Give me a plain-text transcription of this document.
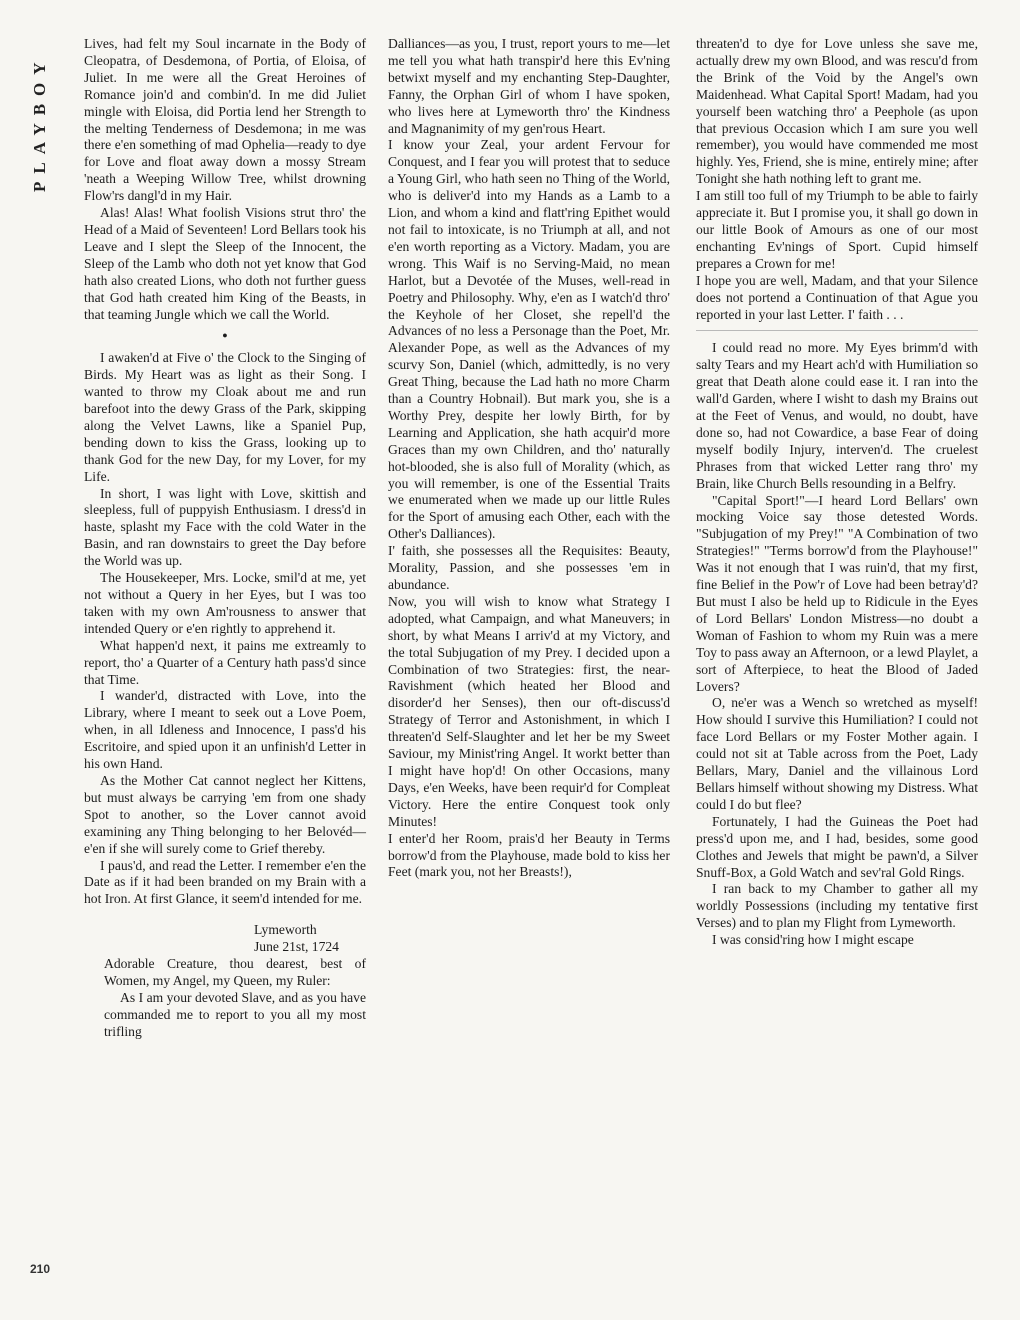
PLAYBOY
210

Lives, had felt my Soul incarnate in the Body of Cleopatra, of Desdemona, of Portia, of Eloisa, of Juliet. In me were all the Great Heroines of Romance join'd and combin'd. In me did Juliet mingle with Eloisa, did Portia lend her Strength to the melting Tenderness of Desdemona; in me was there e'en something of mad Ophelia—ready to dye for Love and float away down a mossy Stream 'neath a Weeping Willow Tree, whilst drowning Flow'rs dangl'd in my Hair.

Alas! Alas! What foolish Visions strut thro' the Head of a Maid of Seventeen! Lord Bellars took his Leave and I slept the Sleep of the Innocent, the Sleep of the Lamb who doth not yet know that God hath also created Lions, who doth not further guess that God hath created him King of the Beasts, in that teaming Jungle which we call the World.

●

I awaken'd at Five o' the Clock to the Singing of Birds. My Heart was as light as their Song. I wanted to throw my Cloak about me and run barefoot into the dewy Grass of the Park, skipping along the Velvet Lawns, like a Spaniel Pup, bending down to kiss the Grass, looking up to thank God for the new Day, for my Lover, for my Life.

In short, I was light with Love, skittish and sleepless, full of puppyish Enthusiasm. I dress'd in haste, splasht my Face with the cold Water in the Basin, and ran downstairs to greet the Day before the World was up.

The Housekeeper, Mrs. Locke, smil'd at me, yet not without a Query in her Eyes, but I was too taken with my own Am'rousness to answer that intended Query or e'en rightly to apprehend it.

What happen'd next, it pains me extreamly to report, tho' a Quarter of a Century hath pass'd since that Time.

I wander'd, distracted with Love, into the Library, where I meant to seek out a Love Poem, when, in all Idleness and Innocence, I pass'd his Escritoire, and spied upon it an unfinish'd Letter in his own Hand.

As the Mother Cat cannot neglect her Kittens, but must always be carrying 'em from one shady Spot to another, so the Lover cannot avoid examining any Thing belonging to her Belovéd—e'en if she will surely come to Grief thereby.

I paus'd, and read the Letter. I remember e'en the Date as if it had been branded on my Brain with a hot Iron. At first Glance, it seem'd intended for me.

Lymeworth

June 21st, 1724

Adorable Creature, thou dearest, best of Women, my Angel, my Queen, my Ruler:

As I am your devoted Slave, and as you have commanded me to report to you all my most trifling

Dalliances—as you, I trust, report yours to me—let me tell you what hath transpir'd here this Ev'ning betwixt myself and my enchanting Step-Daughter, Fanny, the Orphan Girl of whom I have spoken, who lives here at Lymeworth thro' the Kindness and Magnanimity of my gen'rous Heart.

I know your Zeal, your ardent Fervour for Conquest, and I fear you will protest that to seduce a Young Girl, who hath seen no Thing of the World, who is deliver'd into my Hands as a Lamb to a Lion, and whom a kind and flatt'ring Epithet would not fail to intoxicate, is no Triumph at all, and not e'en worth reporting as a Victory. Madam, you are wrong. This Waif is no Serving-Maid, no mean Harlot, but a Devotée of the Muses, well-read in Poetry and Philosophy. Why, e'en as I watch'd thro' the Keyhole of her Closet, she repell'd the Advances of no less a Personage than the Poet, Mr. Alexander Pope, as well as the Advances of my scurvy Son, Daniel (which, admittedly, is no very Great Thing, because the Lad hath no more Charm than a Country Hobnail). But mark you, she is a Worthy Prey, despite her lowly Birth, for by Learning and Application, she hath acquir'd more Graces than my own Children, and tho' naturally hot-blooded, she is also full of Morality (which, as you will remember, is one of the Essential Traits we enumerated when we made up our little Rules for the Sport of amusing each Other, each with the Other's Dalliances).

I' faith, she possesses all the Requisites: Beauty, Morality, Passion, and she possesses 'em in abundance.

Now, you will wish to know what Strategy I adopted, what Campaign, and what Maneuvers; in short, by what Means I arriv'd at my Victory, and the total Subjugation of my Prey. I decided upon a Combination of two Strategies: first, the near-Ravishment (which heated her Blood and disorder'd her Senses), then our oft-discuss'd Strategy of Terror and Astonishment, in which I threaten'd Self-Slaughter and let her be my Sweet Saviour, my Minist'ring Angel. It workt better than I might have hop'd! On other Occasions, many Days, e'en Weeks, have been requir'd for Compleat Victory. Here the entire Conquest took only Minutes!

I enter'd her Room, prais'd her Beauty in Terms borrow'd from the Playhouse, made bold to kiss her Feet (mark you, not her Breasts!),

threaten'd to dye for Love unless she save me, actually drew my own Blood, and was rescu'd from the Brink of the Void by the Angel's own Maidenhead. What Capital Sport! Madam, had you yourself been watching thro' a Peephole (as upon that previous Occasion which I am sure you well remember), you would have commended me most highly. Yes, Friend, she is mine, entirely mine; after Tonight she hath nothing left to grant me.

I am still too full of my Triumph to be able to fairly appreciate it. But I promise you, it shall go down in our little Book of Amours as one of our most enchanting Ev'nings of Sport. Cupid himself prepares a Crown for me!

I hope you are well, Madam, and that your Silence does not portend a Continuation of that Ague you reported in your last Letter. I' faith . . .

I could read no more. My Eyes brimm'd with salty Tears and my Heart ach'd with Humiliation so great that Death alone could ease it. I ran into the wall'd Garden, where I wisht to dash my Brains out at the Feet of Venus, and would, no doubt, have done so, had not Cowardice, a base Fear of doing myself bodily Injury, interven'd. The cruelest Phrases from that wicked Letter rang thro' my Brain, like Church Bells resounding in a Belfry.

"Capital Sport!"—I heard Lord Bellars' own mocking Voice say those detested Words. "Subjugation of my Prey!" "A Combination of two Strategies!" "Terms borrow'd from the Playhouse!" Was it not enough that I was ruin'd, that my first, fine Belief in the Pow'r of Love had been betray'd? But must I also be held up to Ridicule in the Eyes of Lord Bellars' London Mistress—no doubt a Woman of Fashion to whom my Ruin was a mere Toy to pass away an Afternoon, or a lewd Playlet, a sort of Afterpiece, to heat the Blood of Jaded Lovers?

O, ne'er was a Wench so wretched as myself! How should I survive this Humiliation? I could not face Lord Bellars or my Foster Mother again. I could not sit at Table across from the Poet, Lady Bellars, Mary, Daniel and the villainous Lord Bellars himself without showing my Distress. What could I do but flee?

Fortunately, I had the Guineas the Poet had press'd upon me, and I had, besides, some good Clothes and Jewels that might be pawn'd, a Silver Snuff-Box, a Gold Watch and sev'ral Gold Rings.

I ran back to my Chamber to gather all my worldly Possessions (including my tentative first Verses) and to plan my Flight from Lymeworth.

I was consid'ring how I might escape
